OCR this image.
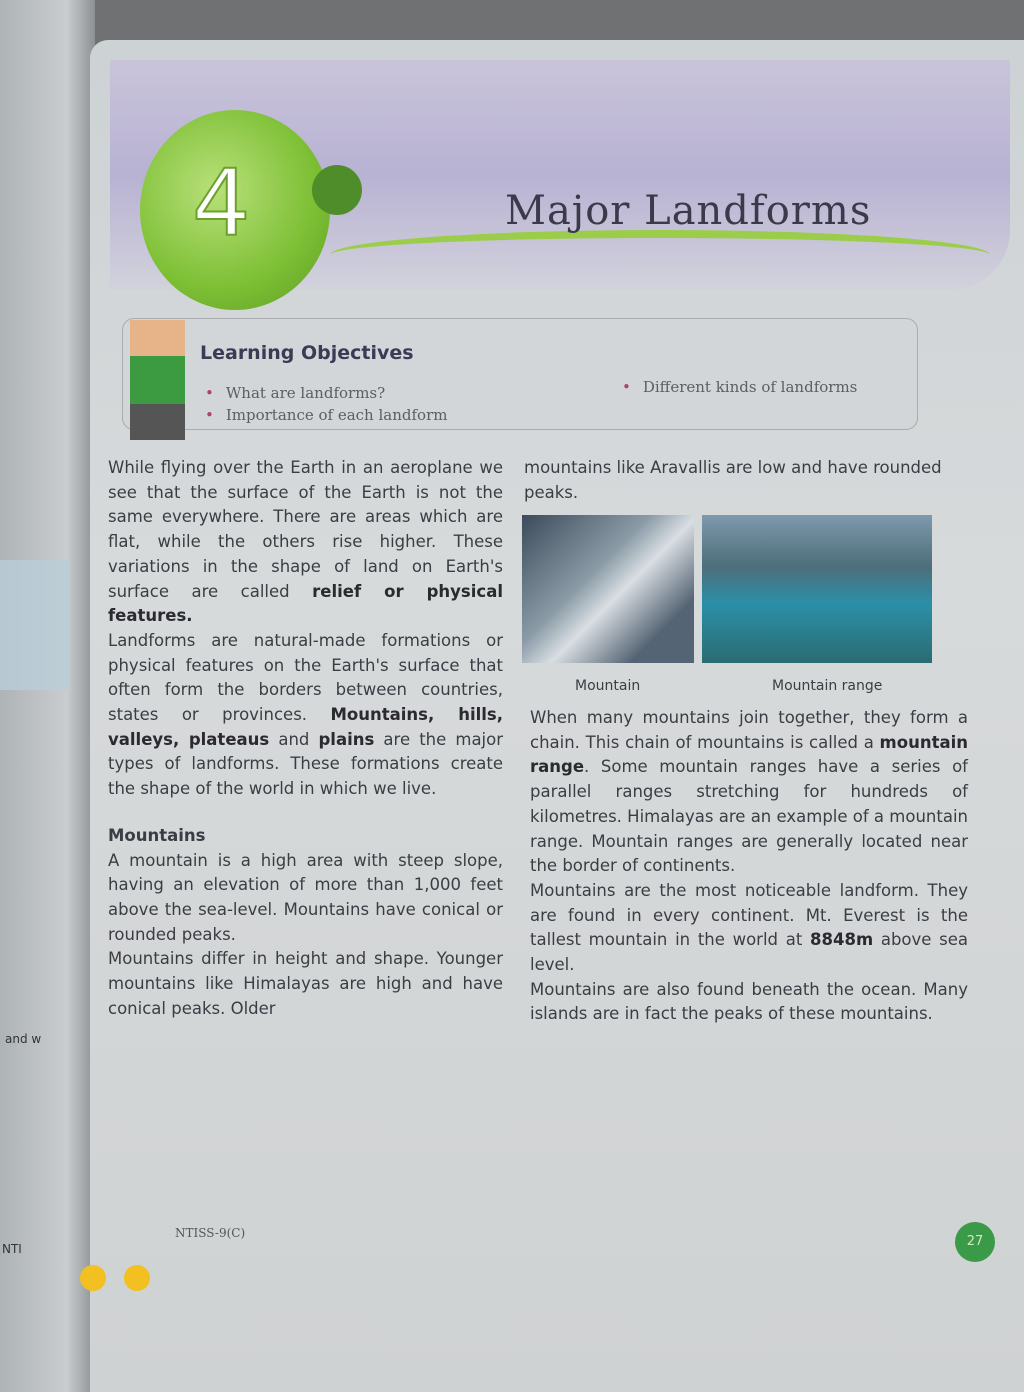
and w
NTI
4	Major Landforms
Learning Objectives
• What are landforms?
• Importance of each landform
• Different kinds of landforms

While flying over the Earth in an aeroplane we see that the surface of the Earth is not the same everywhere. There are areas which are flat, while the others rise higher. These variations in the shape of land on Earth's surface are called relief or physical features.

Landforms are natural-made formations or physical features on the Earth's surface that often form the borders between countries, states or provinces. Mountains, hills, valleys, plateaus and plains are the major types of landforms. These formations create the shape of the world in which we live.

Mountains

A mountain is a high area with steep slope, having an elevation of more than 1,000 feet above the sea-level. Mountains have conical or rounded peaks.

Mountains differ in height and shape. Younger mountains like Himalayas are high and have conical peaks. Older

mountains like Aravallis are low and have rounded peaks.

Mountain	Mountain range

When many mountains join together, they form a chain. This chain of mountains is called a mountain range. Some mountain ranges have a series of parallel ranges stretching for hundreds of kilometres. Himalayas are an example of a mountain range. Mountain ranges are generally located near the border of continents.

Mountains are the most noticeable landform. They are found in every continent. Mt. Everest is the tallest mountain in the world at 8848m above sea level.

Mountains are also found beneath the ocean. Many islands are in fact the peaks of these mountains.

NTISS-9(C)
27
